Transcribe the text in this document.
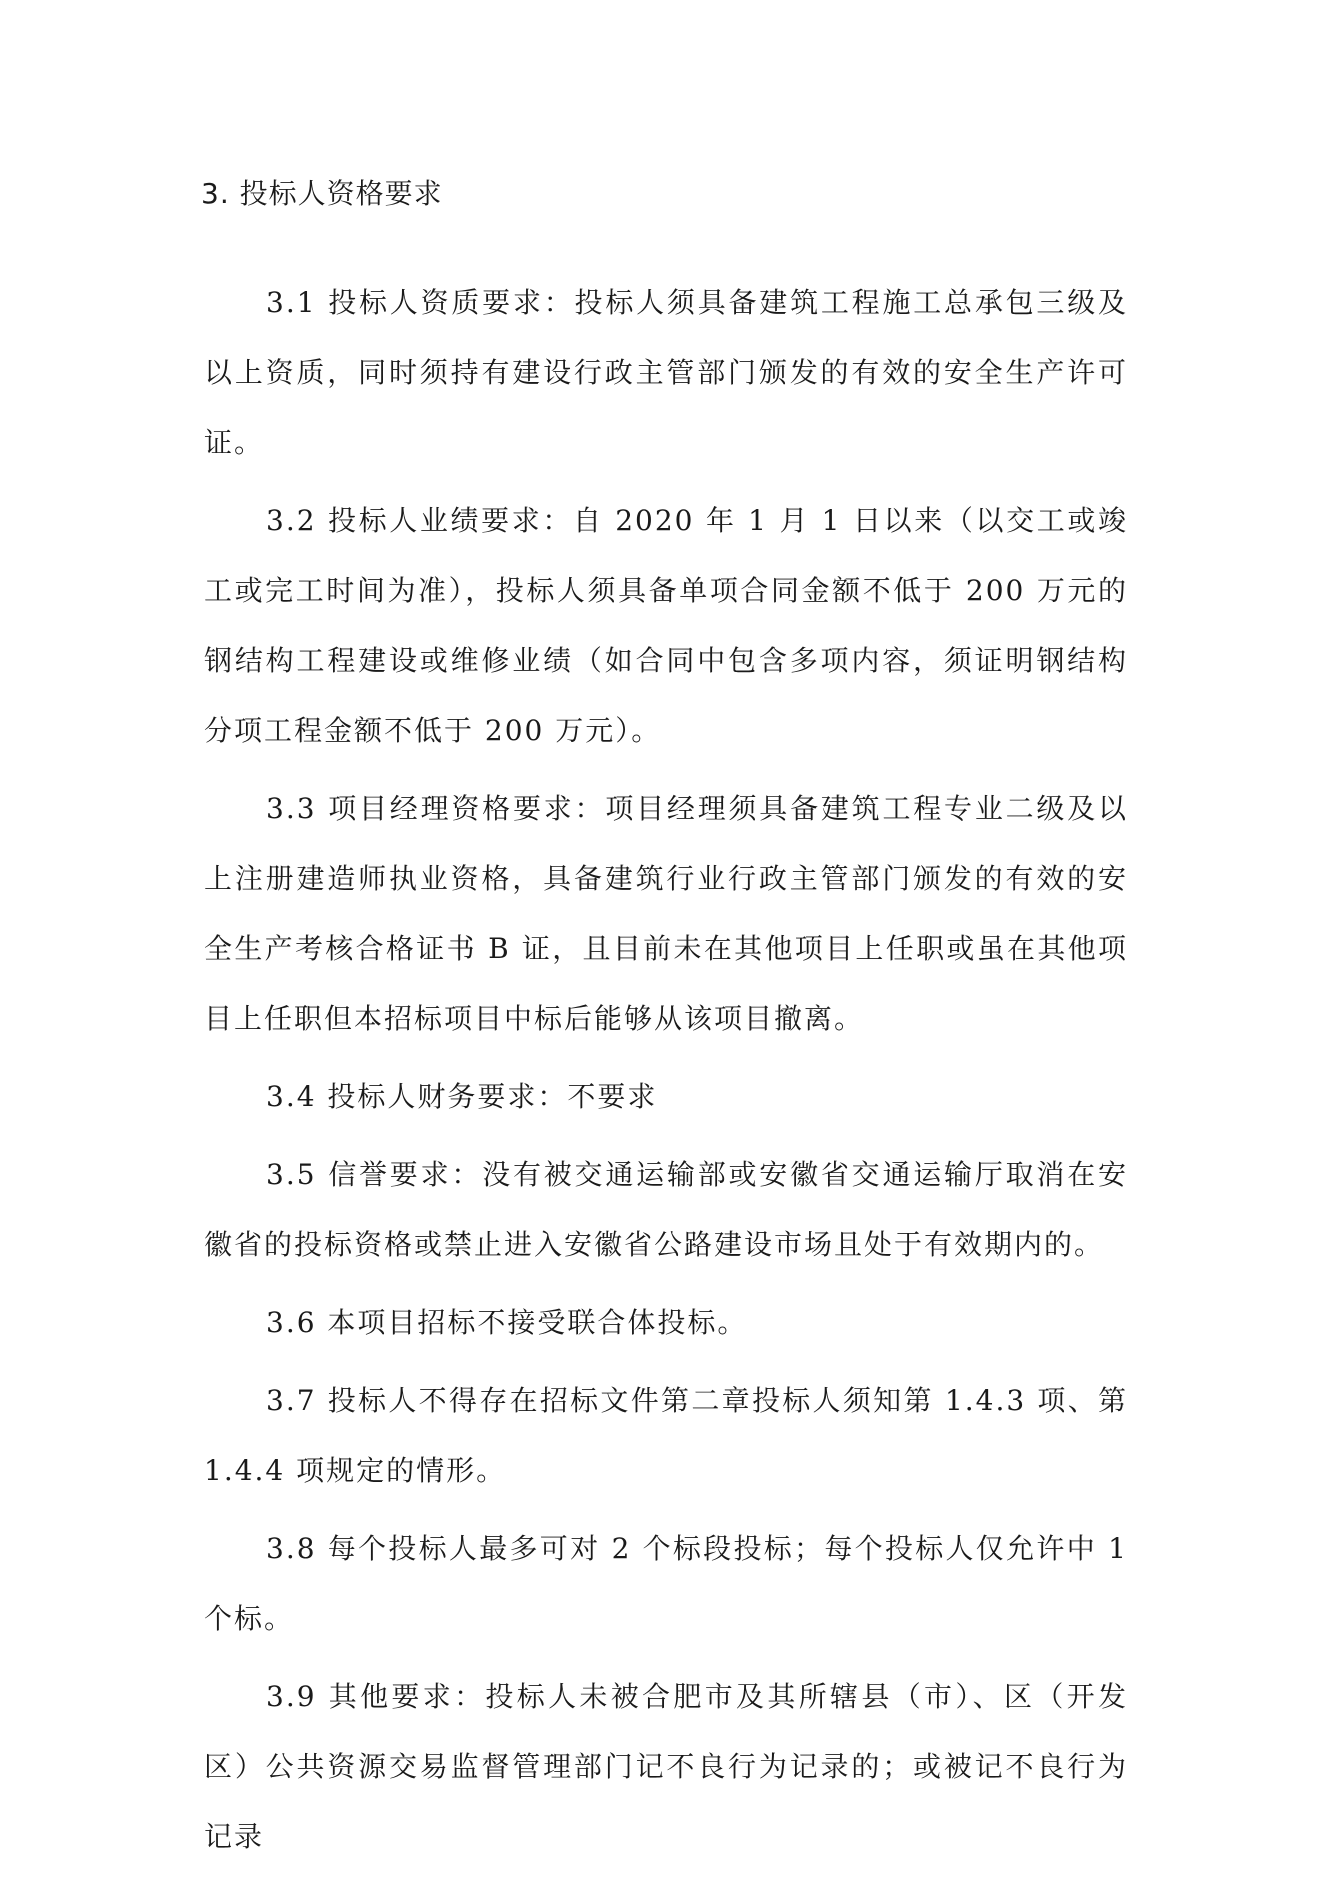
3. 投标人资格要求

3.1 投标人资质要求：投标人须具备建筑工程施工总承包三级及以上资质，同时须持有建设行政主管部门颁发的有效的安全生产许可证。

3.2 投标人业绩要求：自 2020 年 1 月 1 日以来（以交工或竣工或完工时间为准），投标人须具备单项合同金额不低于 200 万元的钢结构工程建设或维修业绩（如合同中包含多项内容，须证明钢结构分项工程金额不低于 200 万元）。

3.3 项目经理资格要求：项目经理须具备建筑工程专业二级及以上注册建造师执业资格，具备建筑行业行政主管部门颁发的有效的安全生产考核合格证书 B 证，且目前未在其他项目上任职或虽在其他项目上任职但本招标项目中标后能够从该项目撤离。

3.4 投标人财务要求：不要求

3.5 信誉要求：没有被交通运输部或安徽省交通运输厅取消在安徽省的投标资格或禁止进入安徽省公路建设市场且处于有效期内的。

3.6 本项目招标不接受联合体投标。

3.7 投标人不得存在招标文件第二章投标人须知第 1.4.3 项、第 1.4.4 项规定的情形。

3.8 每个投标人最多可对 2 个标段投标；每个投标人仅允许中 1 个标。

3.9 其他要求：投标人未被合肥市及其所辖县（市）、区（开发区）公共资源交易监督管理部门记不良行为记录的；或被记不良行为记录
